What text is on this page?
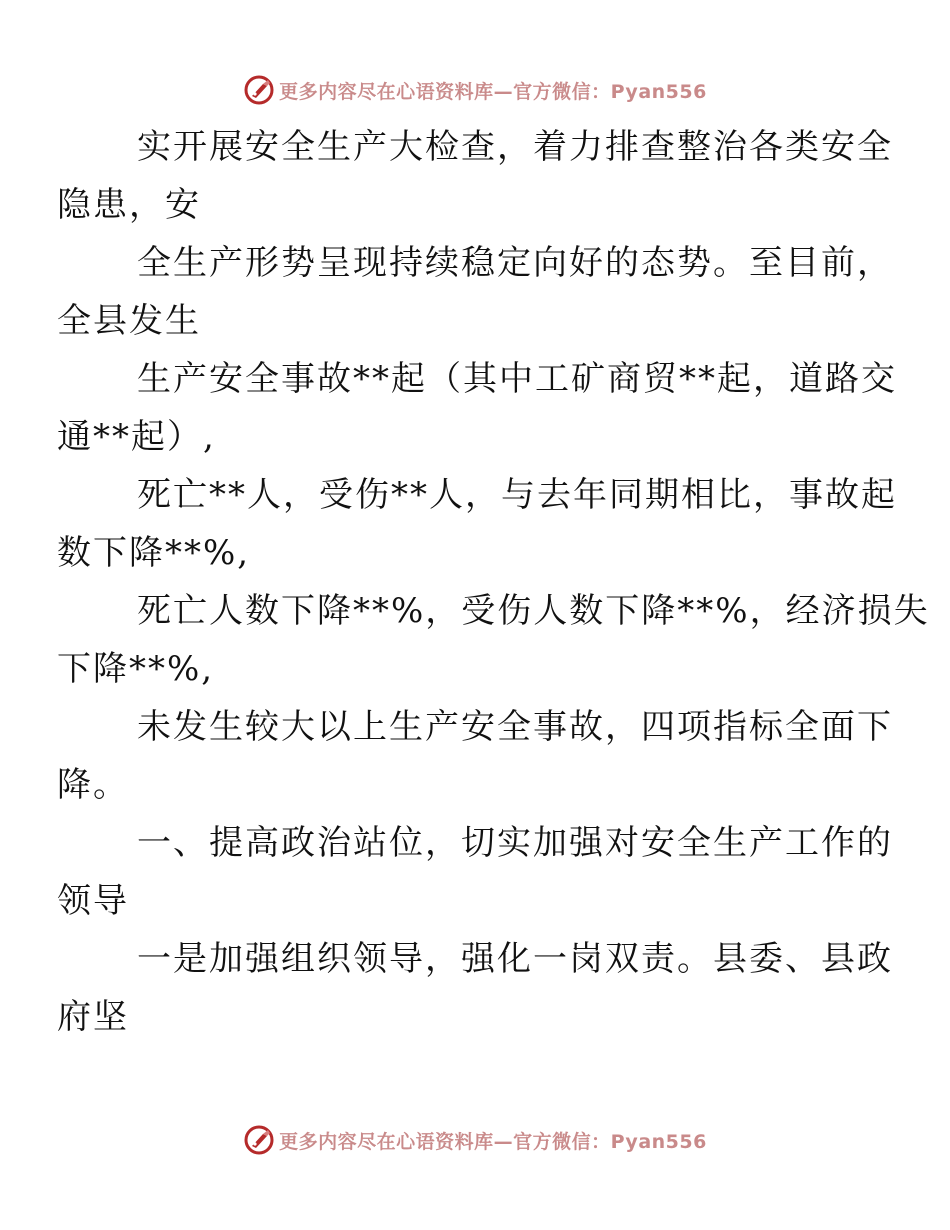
更多内容尽在心语资料库—官方微信：Pyan556

实开展安全生产大检查，着力排查整治各类安全
隐患，安

全生产形势呈现持续稳定向好的态势。至目前，
全县发生

生产安全事故**起（其中工矿商贸**起，道路交
通**起）,

死亡**人，受伤**人，与去年同期相比，事故起
数下降**%,

死亡人数下降**%，受伤人数下降**%，经济损失
下降**%,

未发生较大以上生产安全事故，四项指标全面下
降。

一、提高政治站位，切实加强对安全生产工作的
领导

一是加强组织领导，强化一岗双责。县委、县政
府坚

更多内容尽在心语资料库—官方微信：Pyan556
